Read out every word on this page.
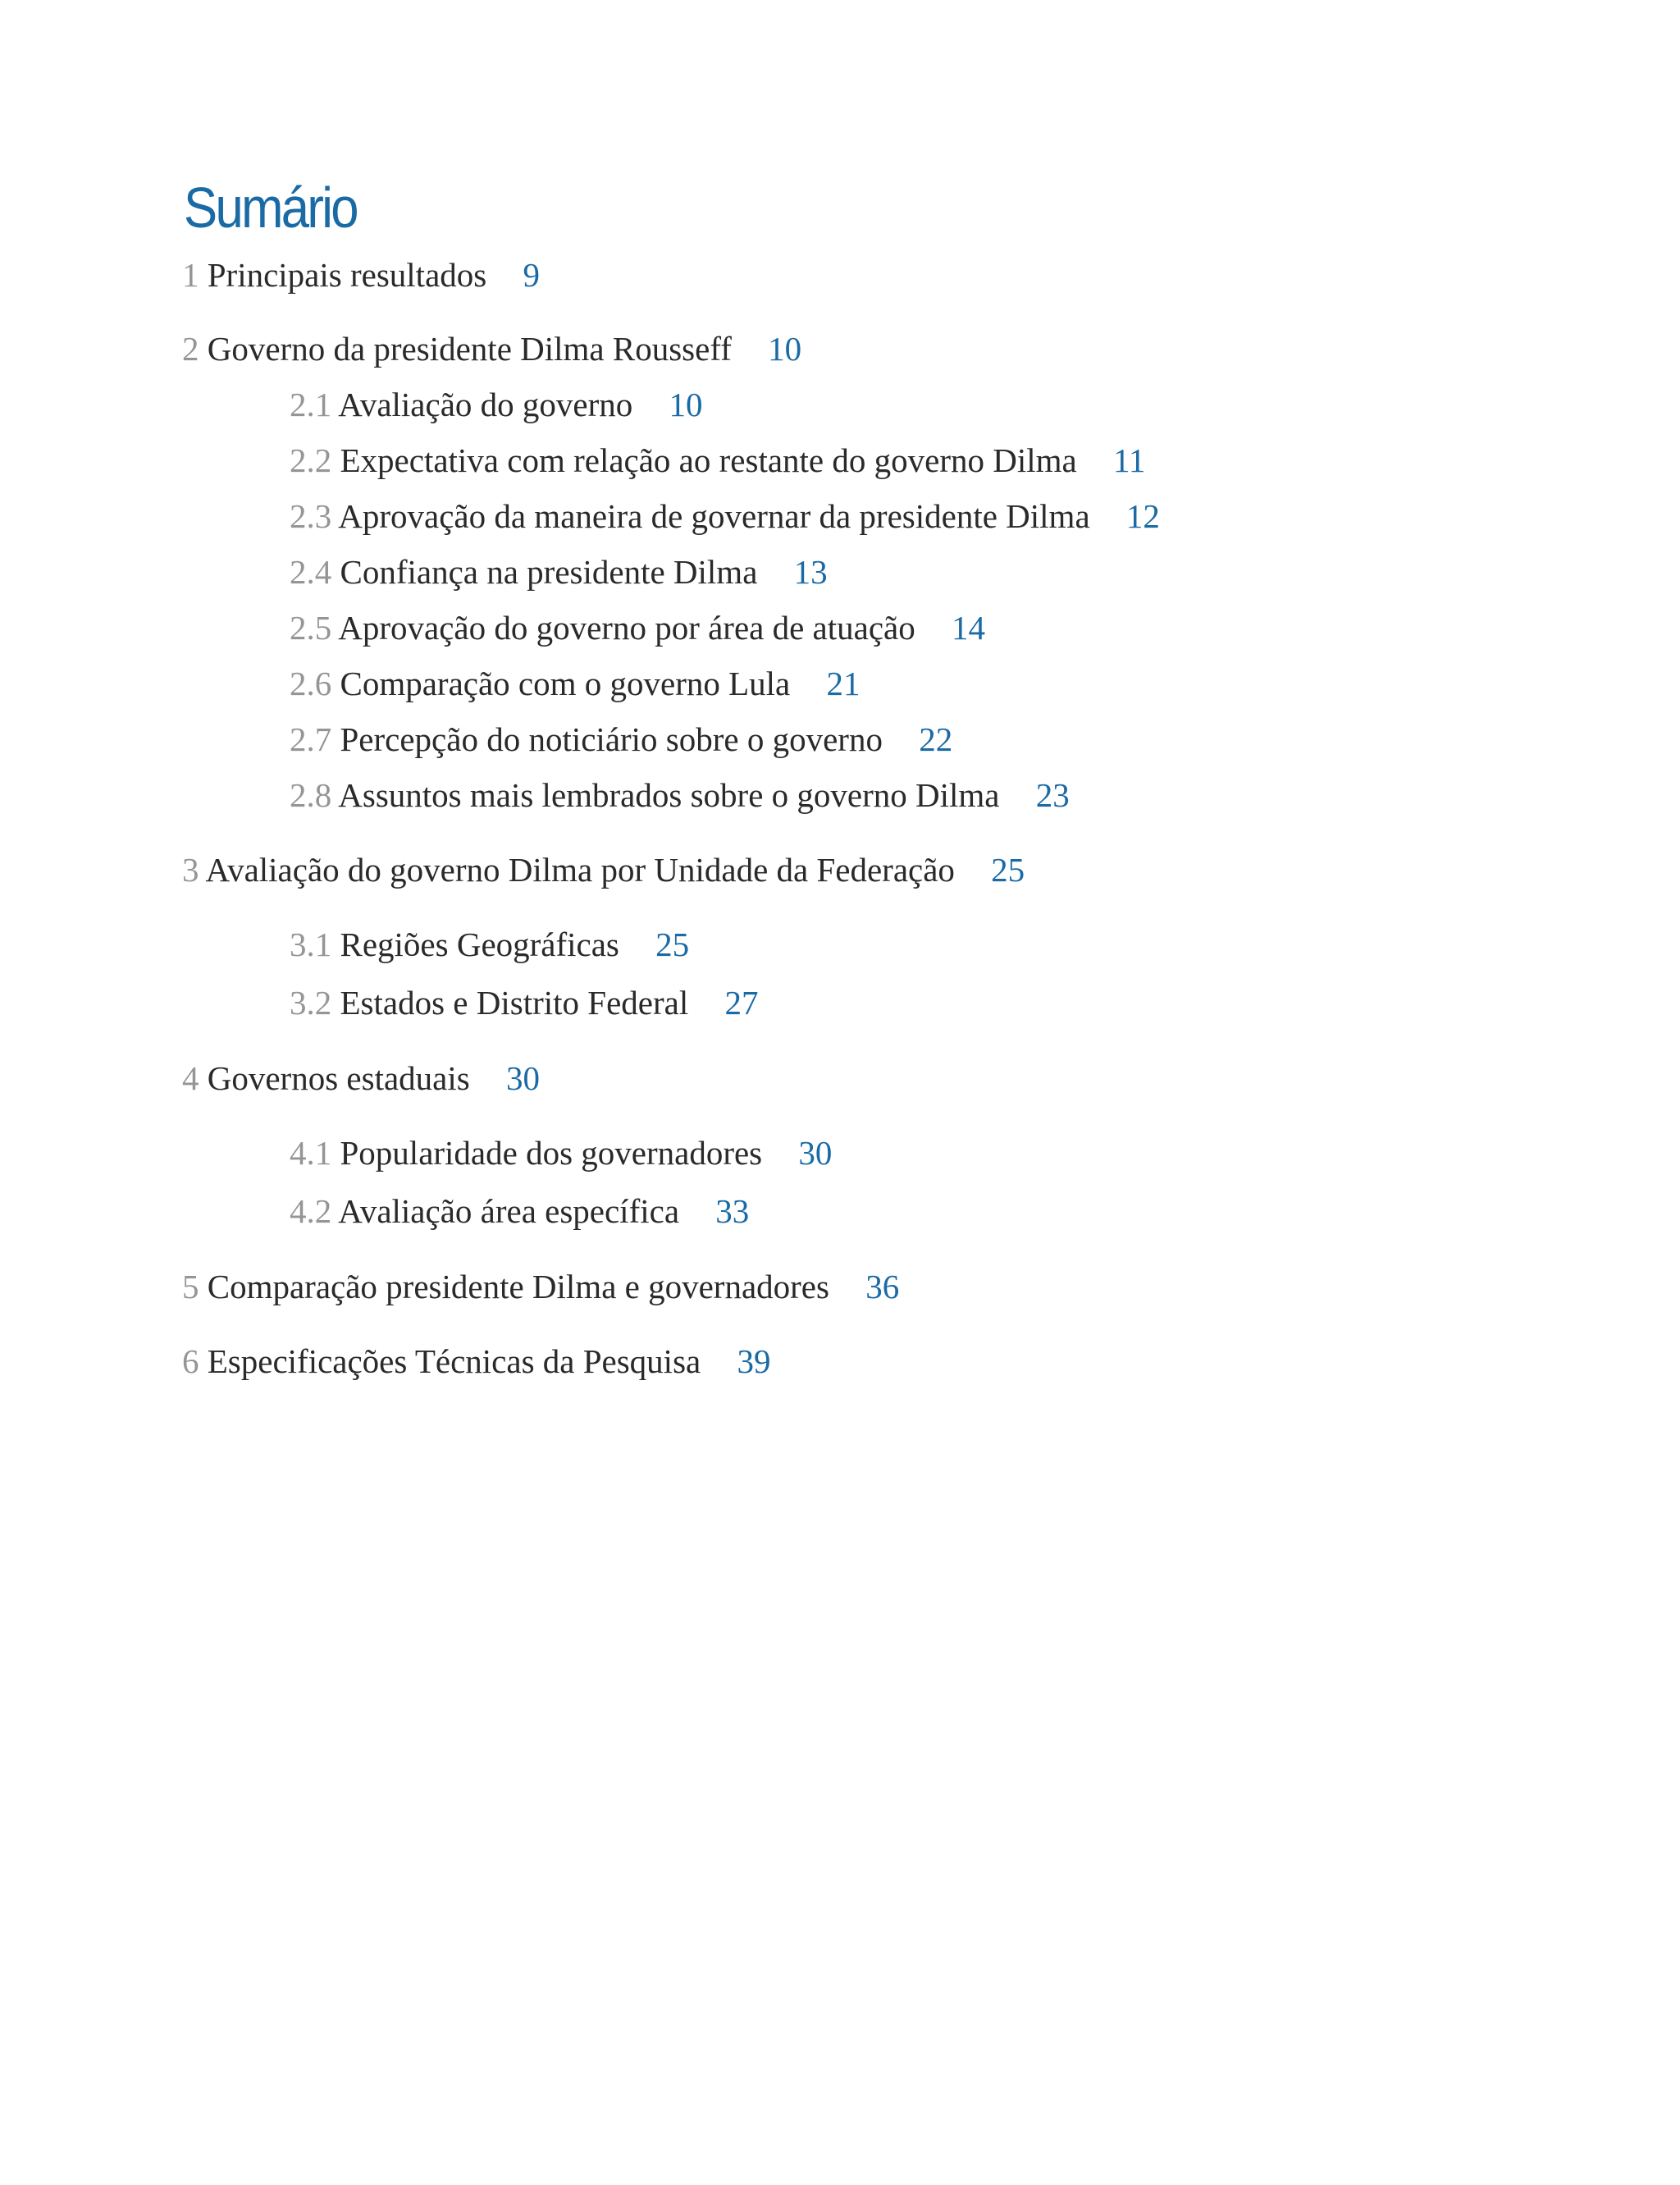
Sumário
1 Principais resultados 9
2 Governo da presidente Dilma Rousseff 10
2.1 Avaliação do governo 10
2.2 Expectativa com relação ao restante do governo Dilma 11
2.3 Aprovação da maneira de governar da presidente Dilma 12
2.4 Confiança na presidente Dilma 13
2.5 Aprovação do governo por área de atuação 14
2.6 Comparação com o governo Lula 21
2.7 Percepção do noticiário sobre o governo 22
2.8 Assuntos mais lembrados sobre o governo Dilma 23
3 Avaliação do governo Dilma por Unidade da Federação 25
3.1 Regiões Geográficas 25
3.2 Estados e Distrito Federal 27
4 Governos estaduais 30
4.1 Popularidade dos governadores 30
4.2 Avaliação área específica 33
5 Comparação presidente Dilma e governadores 36
6 Especificações Técnicas da Pesquisa 39
